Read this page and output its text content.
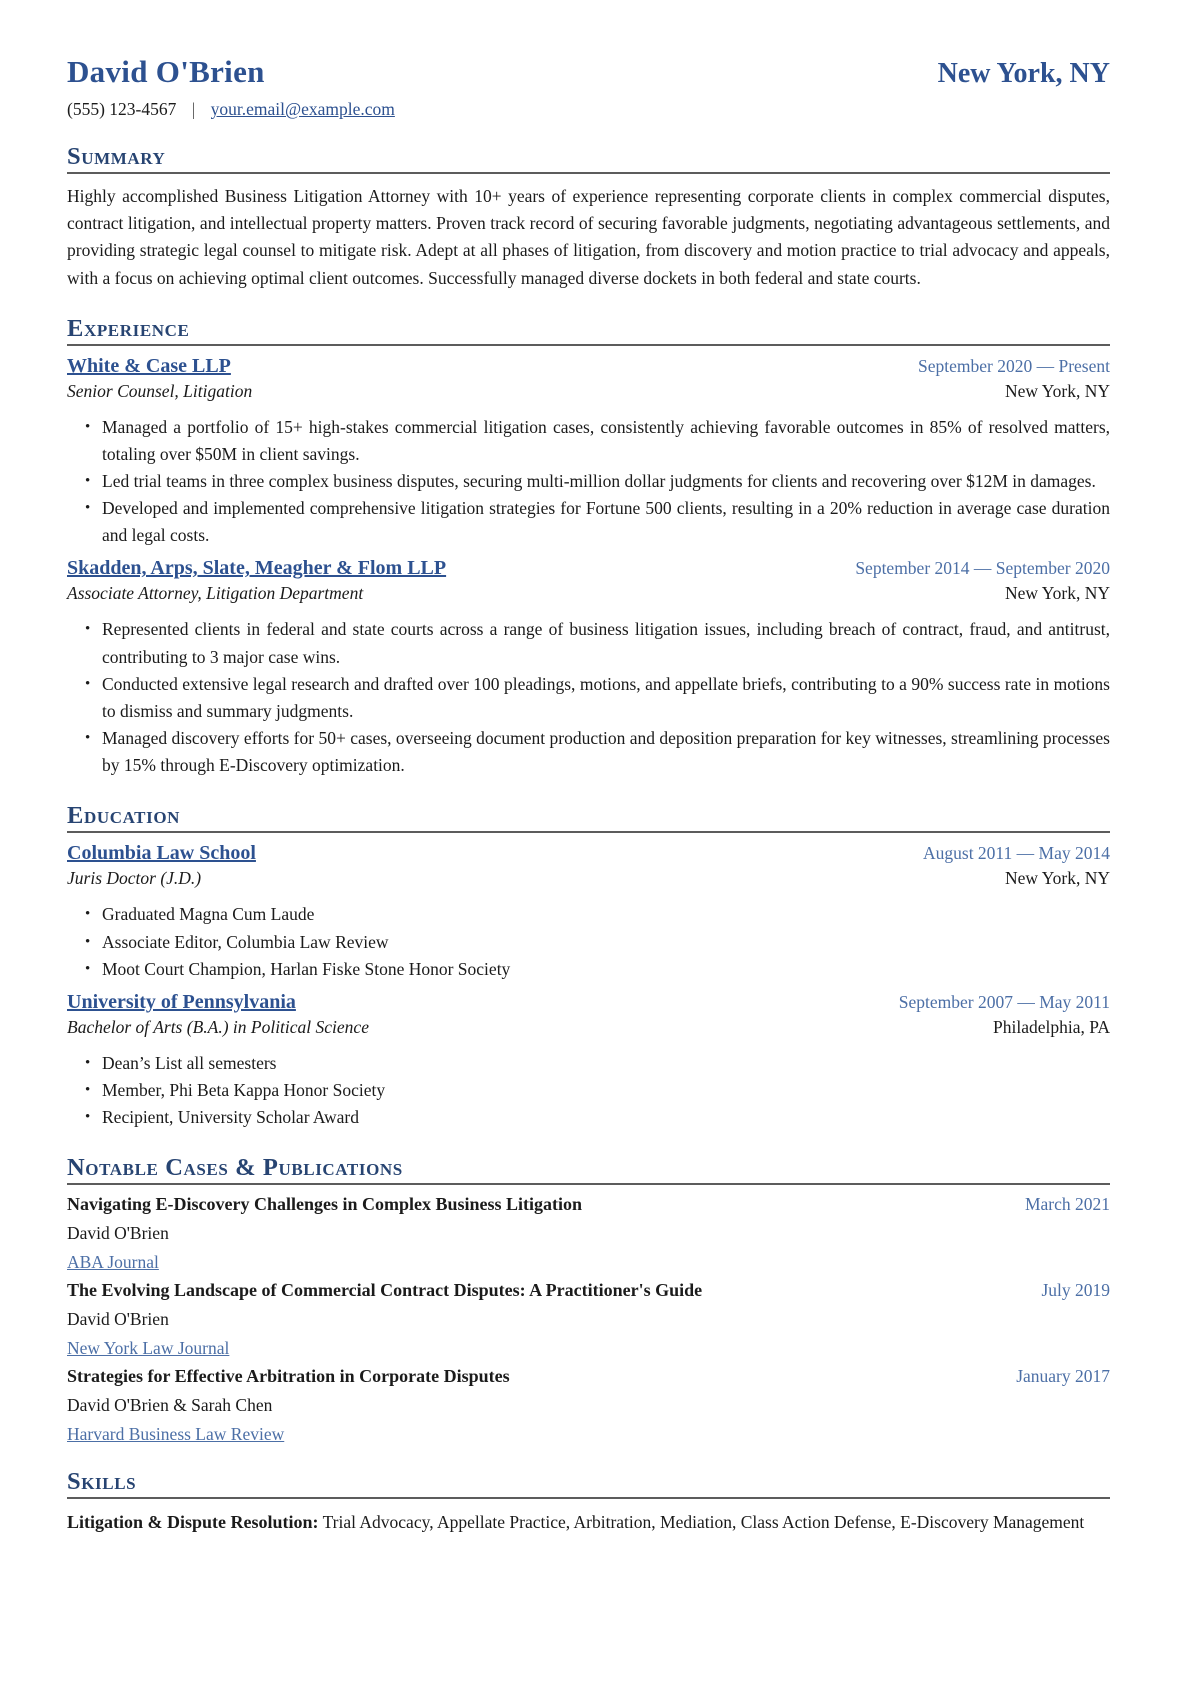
David O'Brien	New York, NY
(555) 123-4567 | your.email@example.com
Summary

Highly accomplished Business Litigation Attorney with 10+ years of experience representing corporate clients in complex commercial disputes, contract litigation, and intellectual property matters. Proven track record of securing favorable judgments, negotiating advantageous settlements, and providing strategic legal counsel to mitigate risk. Adept at all phases of litigation, from discovery and motion practice to trial advocacy and appeals, with a focus on achieving optimal client outcomes. Successfully managed diverse dockets in both federal and state courts.

Experience
White & Case LLP	September 2020 — Present
Senior Counsel, Litigation	New York, NY
• Managed a portfolio of 15+ high-stakes commercial litigation cases, consistently achieving favorable outcomes in 85% of resolved matters, totaling over $50M in client savings.
• Led trial teams in three complex business disputes, securing multi-million dollar judgments for clients and recovering over $12M in damages.
• Developed and implemented comprehensive litigation strategies for Fortune 500 clients, resulting in a 20% reduction in average case duration and legal costs.
Skadden, Arps, Slate, Meagher & Flom LLP	September 2014 — September 2020
Associate Attorney, Litigation Department	New York, NY
• Represented clients in federal and state courts across a range of business litigation issues, including breach of contract, fraud, and antitrust, contributing to 3 major case wins.
• Conducted extensive legal research and drafted over 100 pleadings, motions, and appellate briefs, contributing to a 90% success rate in motions to dismiss and summary judgments.
• Managed discovery efforts for 50+ cases, overseeing document production and deposition preparation for key witnesses, streamlining processes by 15% through E-Discovery optimization.
Education
Columbia Law School	August 2011 — May 2014
Juris Doctor (J.D.)	New York, NY
• Graduated Magna Cum Laude
• Associate Editor, Columbia Law Review
• Moot Court Champion, Harlan Fiske Stone Honor Society
University of Pennsylvania	September 2007 — May 2011
Bachelor of Arts (B.A.) in Political Science	Philadelphia, PA
• Dean’s List all semesters
• Member, Phi Beta Kappa Honor Society
• Recipient, University Scholar Award
Notable Cases & Publications
Navigating E-Discovery Challenges in Complex Business Litigation	March 2021
David O'Brien
ABA Journal
The Evolving Landscape of Commercial Contract Disputes: A Practitioner's Guide	July 2019
David O'Brien
New York Law Journal
Strategies for Effective Arbitration in Corporate Disputes	January 2017
David O'Brien & Sarah Chen
Harvard Business Law Review
Skills

Litigation & Dispute Resolution: Trial Advocacy, Appellate Practice, Arbitration, Mediation, Class Action Defense, E-Discovery Management
